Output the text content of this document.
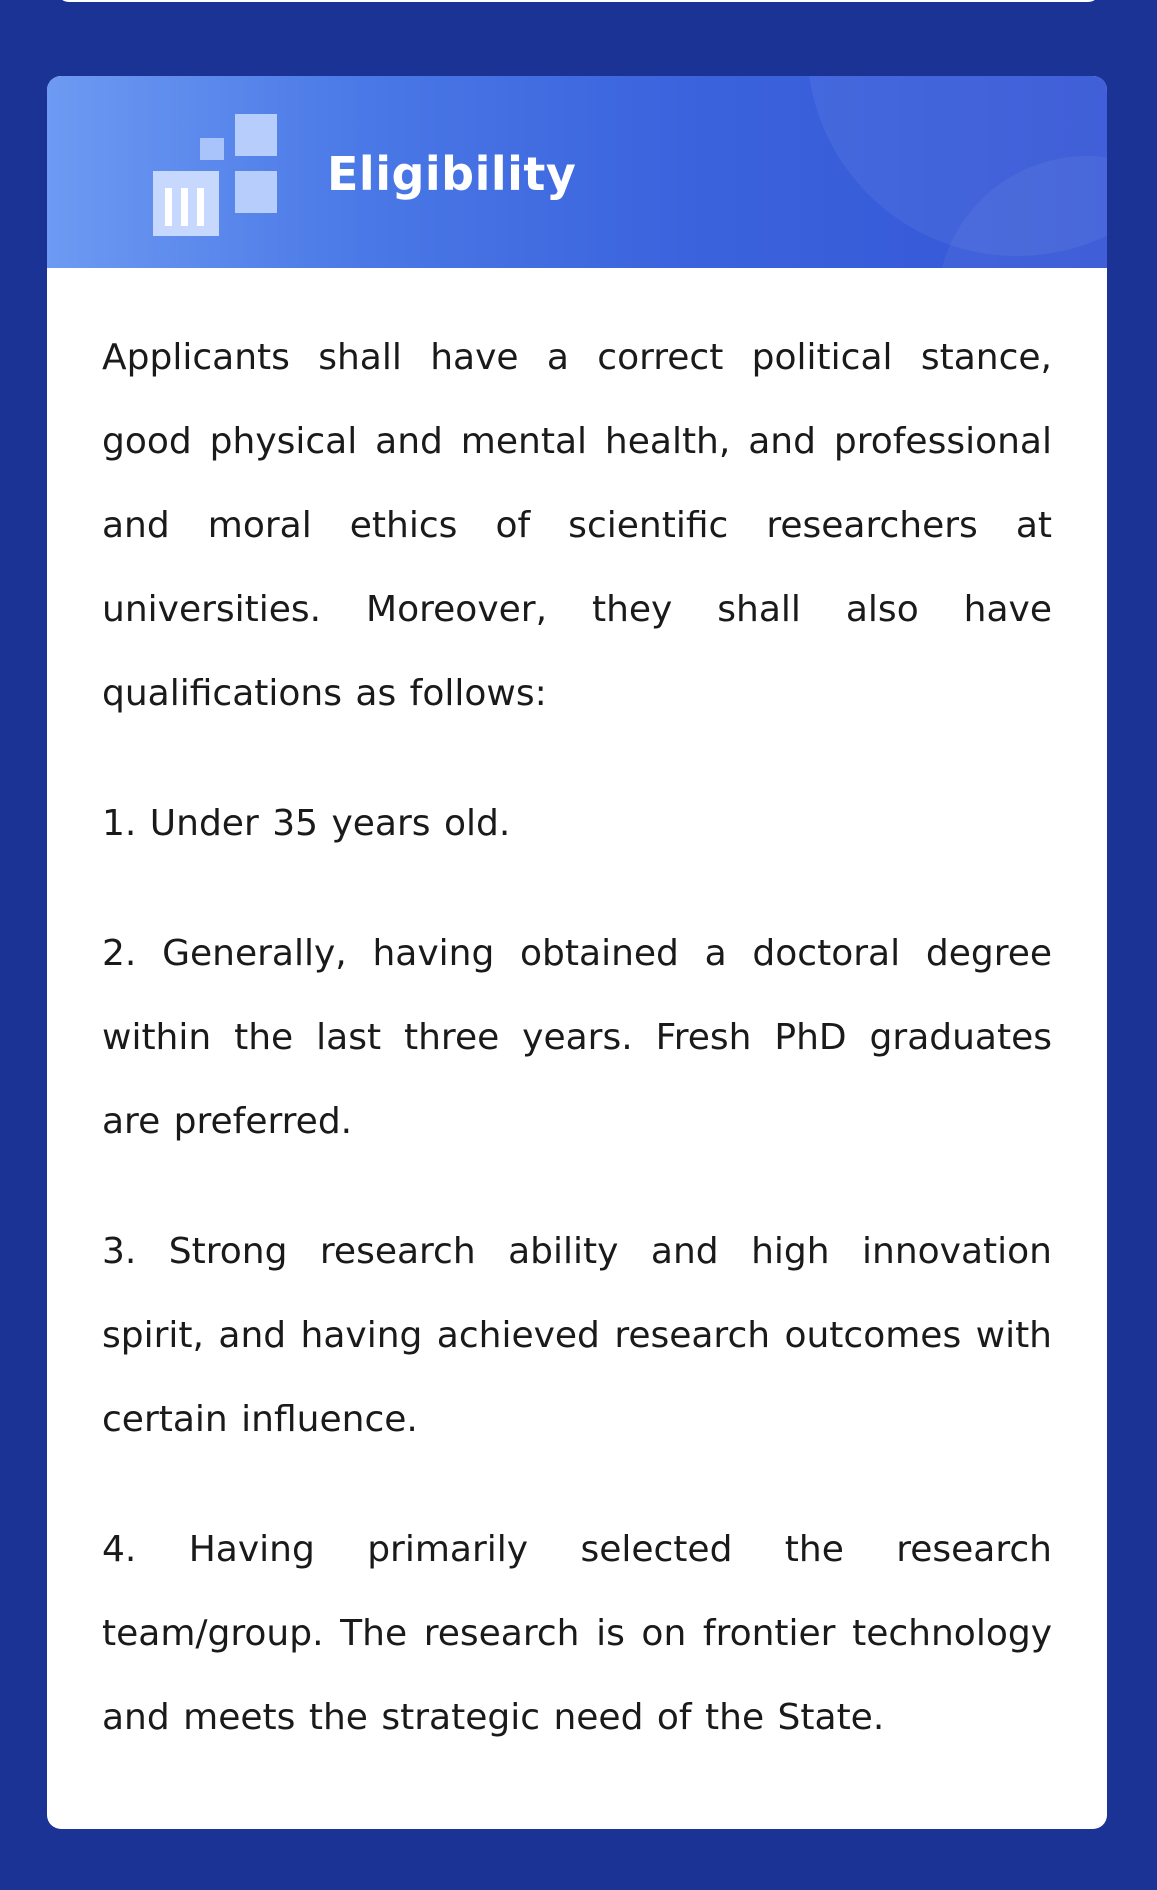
Eligibility

Applicants shall have a correct political stance, good physical and mental health, and professional and moral ethics of scientific researchers at universities. Moreover, they shall also have qualifications as follows:

1. Under 35 years old.

2. Generally, having obtained a doctoral degree within the last three years. Fresh PhD graduates are preferred.

3. Strong research ability and high innovation spirit, and having achieved research outcomes with certain influence.

4. Having primarily selected the research team/group. The research is on frontier technology and meets the strategic need of the State.
